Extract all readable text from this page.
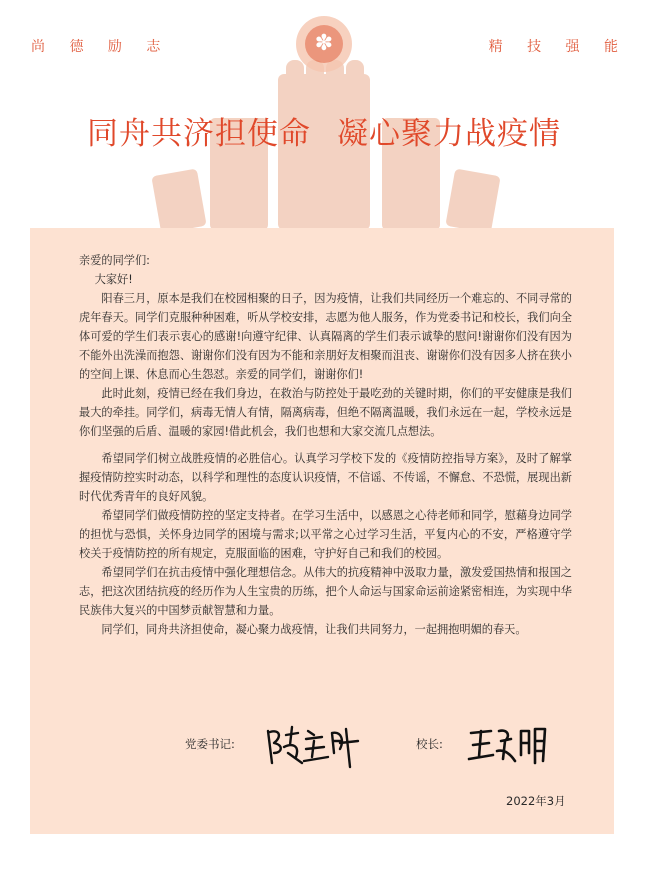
尚 德 励 志	精 技 强 能
✽
同舟共济担使命 凝心聚力战疫情

亲爱的同学们:

大家好!

阳春三月，原本是我们在校园相聚的日子，因为疫情，让我们共同经历一个难忘的、不同寻常的虎年春天。同学们克服种种困难，听从学校安排，志愿为他人服务，作为党委书记和校长，我们向全体可爱的学生们表示衷心的感谢!向遵守纪律、认真隔离的学生们表示诚挚的慰问!谢谢你们没有因为不能外出洗澡而抱怨、谢谢你们没有因为不能和亲朋好友相聚而沮丧、谢谢你们没有因多人挤在狭小的空间上课、休息而心生怨怼。亲爱的同学们，谢谢你们!

此时此刻，疫情已经在我们身边，在救治与防控处于最吃劲的关键时期，你们的平安健康是我们最大的牵挂。同学们，病毒无情人有情，隔离病毒，但绝不隔离温暖，我们永远在一起，学校永远是你们坚强的后盾、温暖的家园!借此机会，我们也想和大家交流几点想法。

希望同学们树立战胜疫情的必胜信心。认真学习学校下发的《疫情防控指导方案》，及时了解掌握疫情防控实时动态，以科学和理性的态度认识疫情，不信谣、不传谣，不懈怠、不恐慌，展现出新时代优秀青年的良好风貌。

希望同学们做疫情防控的坚定支持者。在学习生活中，以感恩之心待老师和同学，慰藉身边同学的担忧与恐惧，关怀身边同学的困境与需求;以平常之心过学习生活，平复内心的不安，严格遵守学校关于疫情防控的所有规定，克服面临的困难，守护好自己和我们的校园。

希望同学们在抗击疫情中强化理想信念。从伟大的抗疫精神中汲取力量，激发爱国热情和报国之志，把这次团结抗疫的经历作为人生宝贵的历练，把个人命运与国家命运前途紧密相连，为实现中华民族伟大复兴的中国梦贡献智慧和力量。

同学们，同舟共济担使命，凝心聚力战疫情，让我们共同努力，一起拥抱明媚的春天。

党委书记:	校长:
2022年3月
